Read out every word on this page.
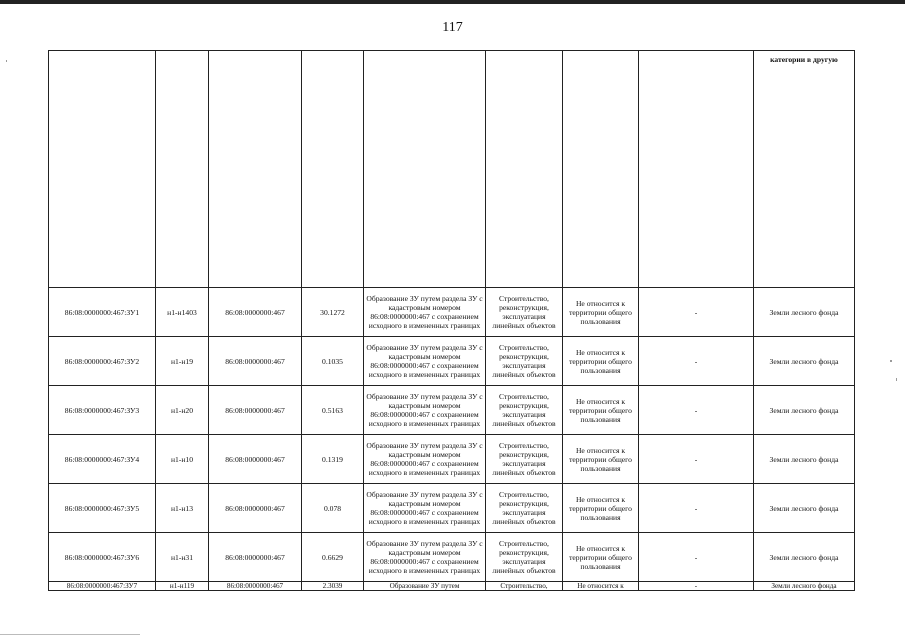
117
								категории в другую
86:08:0000000:467:ЗУ1	н1-н1403	86:08:0000000:467	30.1272	Образование ЗУ путем раздела ЗУ с кадастровым номером 86:08:0000000:467 с сохранением исходного в измененных границах	Строительство, реконструкция, эксплуатация линейных объектов	Не относится к территории общего пользования	-	Земли лесного фонда
86:08:0000000:467:ЗУ2	н1-н19	86:08:0000000:467	0.1035	Образование ЗУ путем раздела ЗУ с кадастровым номером 86:08:0000000:467 с сохранением исходного в измененных границах	Строительство, реконструкция, эксплуатация линейных объектов	Не относится к территории общего пользования	-	Земли лесного фонда
86:08:0000000:467:ЗУ3	н1-н20	86:08:0000000:467	0.5163	Образование ЗУ путем раздела ЗУ с кадастровым номером 86:08:0000000:467 с сохранением исходного в измененных границах	Строительство, реконструкция, эксплуатация линейных объектов	Не относится к территории общего пользования	-	Земли лесного фонда
86:08:0000000:467:ЗУ4	н1-н10	86:08:0000000:467	0.1319	Образование ЗУ путем раздела ЗУ с кадастровым номером 86:08:0000000:467 с сохранением исходного в измененных границах	Строительство, реконструкция, эксплуатация линейных объектов	Не относится к территории общего пользования	-	Земли лесного фонда
86:08:0000000:467:ЗУ5	н1-н13	86:08:0000000:467	0.078	Образование ЗУ путем раздела ЗУ с кадастровым номером 86:08:0000000:467 с сохранением исходного в измененных границах	Строительство, реконструкция, эксплуатация линейных объектов	Не относится к территории общего пользования	-	Земли лесного фонда
86:08:0000000:467:ЗУ6	н1-н31	86:08:0000000:467	0.6629	Образование ЗУ путем раздела ЗУ с кадастровым номером 86:08:0000000:467 с сохранением исходного в измененных границах	Строительство, реконструкция, эксплуатация линейных объектов	Не относится к территории общего пользования	-	Земли лесного фонда
86:08:0000000:467:ЗУ7	н1-н119	86:08:0000000:467	2.3039	Образование ЗУ путем	Строительство,	Не относится к	-	Земли лесного фонда
